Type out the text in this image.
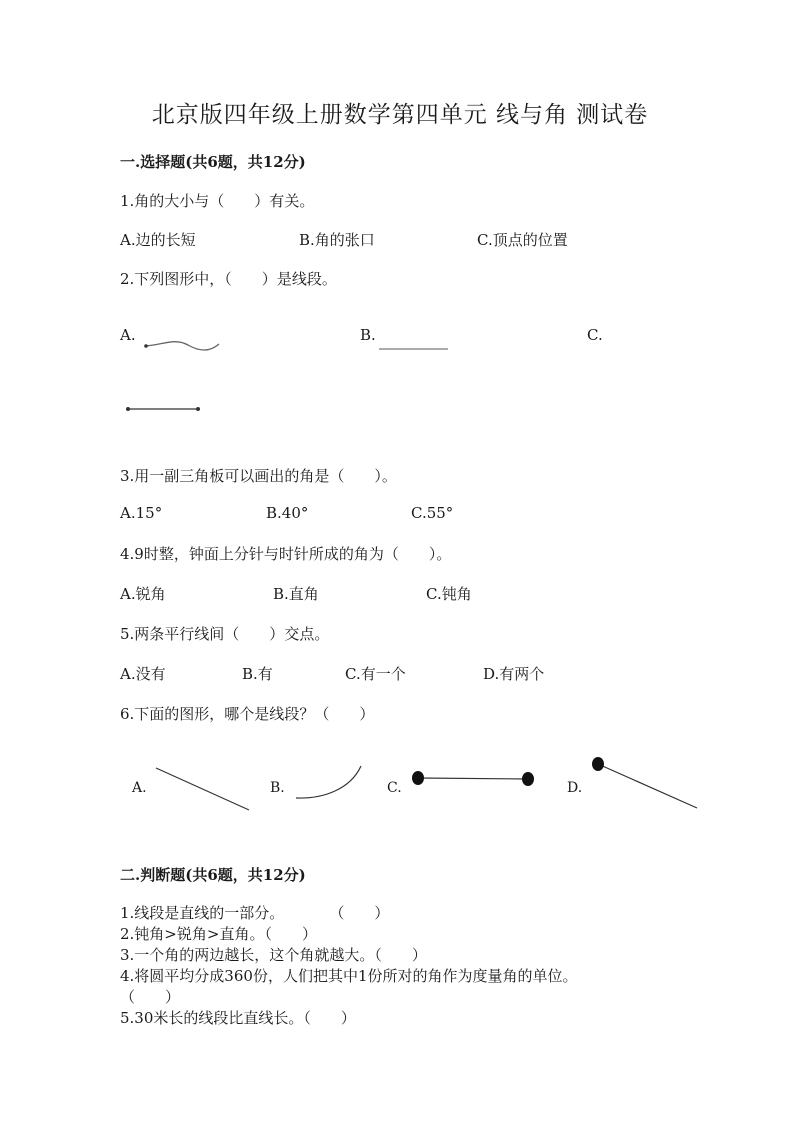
北京版四年级上册数学第四单元 线与角 测试卷
一.选择题(共6题，共12分)
1.角的大小与（　　）有关。
A.边的长短	B.角的张口	C.顶点的位置
2.下列图形中，（　　）是线段。
A.	B.	C.
3.用一副三角板可以画出的角是（　　）。
A.15°	B.40°	C.55°
4.9时整，钟面上分针与时针所成的角为（　　）。
A.锐角	B.直角	C.钝角
5.两条平行线间（　　）交点。
A.没有	B.有	C.有一个	D.有两个
6.下面的图形，哪个是线段？（　　）
A.	B.	C.	D.
二.判断题(共6题，共12分)
1.线段是直线的一部分。　　　　（　　）
2.钝角>锐角>直角。（　　）
3.一个角的两边越长，这个角就越大。（　　）
4.将圆平均分成360份，人们把其中1份所对的角作为度量角的单位。
（　　）
5.30米长的线段比直线长。（　　）
